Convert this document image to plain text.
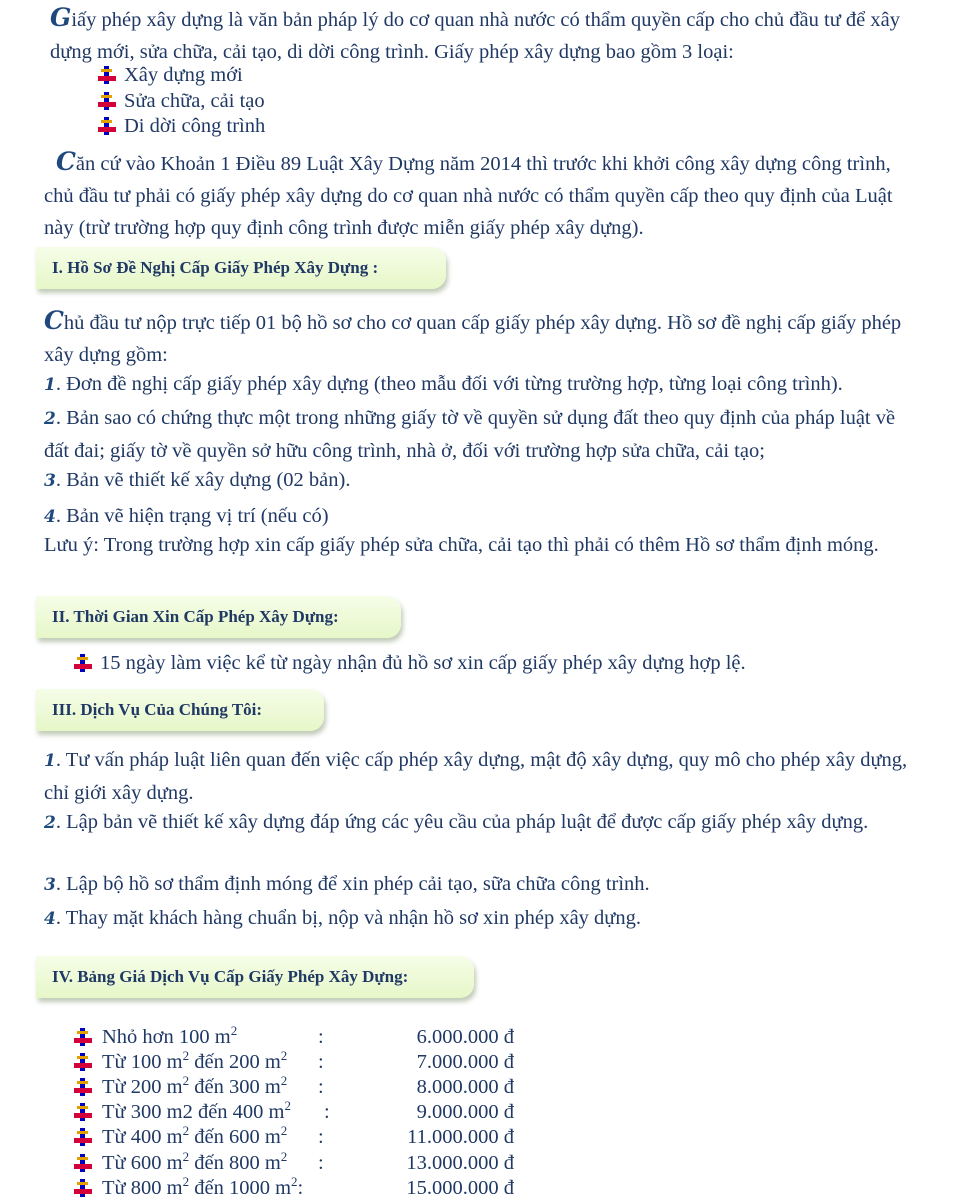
Giấy phép xây dựng là văn bản pháp lý do cơ quan nhà nước có thẩm quyền cấp cho chủ đầu tư để xây dựng mới, sửa chữa, cải tạo, di dời công trình. Giấy phép xây dựng bao gồm 3 loại:

Xây dựng mới
Sửa chữa, cải tạo
Di dời công trình

Căn cứ vào Khoản 1 Điều 89 Luật Xây Dựng năm 2014 thì trước khi khởi công xây dựng công trình, chủ đầu tư phải có giấy phép xây dựng do cơ quan nhà nước có thẩm quyền cấp theo quy định của Luật này (trừ trường hợp quy định công trình được miễn giấy phép xây dựng).

I. Hồ Sơ Đề Nghị Cấp Giấy Phép Xây Dựng :

Chủ đầu tư nộp trực tiếp 01 bộ hồ sơ cho cơ quan cấp giấy phép xây dựng. Hồ sơ đề nghị cấp giấy phép xây dựng gồm:

1. Đơn đề nghị cấp giấy phép xây dựng (theo mẫu đối với từng trường hợp, từng loại công trình).

2. Bản sao có chứng thực một trong những giấy tờ về quyền sử dụng đất theo quy định của pháp luật về đất đai; giấy tờ về quyền sở hữu công trình, nhà ở, đối với trường hợp sửa chữa, cải tạo;

3. Bản vẽ thiết kế xây dựng (02 bản).

4. Bản vẽ hiện trạng vị trí (nếu có)

Lưu ý: Trong trường hợp xin cấp giấy phép sửa chữa, cải tạo thì phải có thêm Hồ sơ thẩm định móng.

II. Thời Gian Xin Cấp Phép Xây Dựng:
15 ngày làm việc kể từ ngày nhận đủ hồ sơ xin cấp giấy phép xây dựng hợp lệ.
III. Dịch Vụ Của Chúng Tôi:

1. Tư vấn pháp luật liên quan đến việc cấp phép xây dựng, mật độ xây dựng, quy mô cho phép xây dựng, chỉ giới xây dựng.

2. Lập bản vẽ thiết kế xây dựng đáp ứng các yêu cầu của pháp luật để được cấp giấy phép xây dựng.

3. Lập bộ hồ sơ thẩm định móng để xin phép cải tạo, sữa chữa công trình.

4. Thay mặt khách hàng chuẩn bị, nộp và nhận hồ sơ xin phép xây dựng.

IV. Bảng Giá Dịch Vụ Cấp Giấy Phép Xây Dựng:
Nhỏ hơn 100 $m^2$	:	6.000.000 đ
Từ 100 $m^2$ đến 200 $m^2$ :	7.000.000 đ
Từ 200 $m^2$ đến 300 $m^2$ :	8.000.000 đ
Từ 300 m2 đến 400 $m^2$ :	9.000.000 đ
Từ 400 $m^2$ đến 600 $m^2$ :	11.000.000 đ
Từ 600 $m^2$ đến 800 $m^2$ :	13.000.000 đ
Từ 800 $m^2$ đến 1000 $m^2$:	15.000.000 đ
